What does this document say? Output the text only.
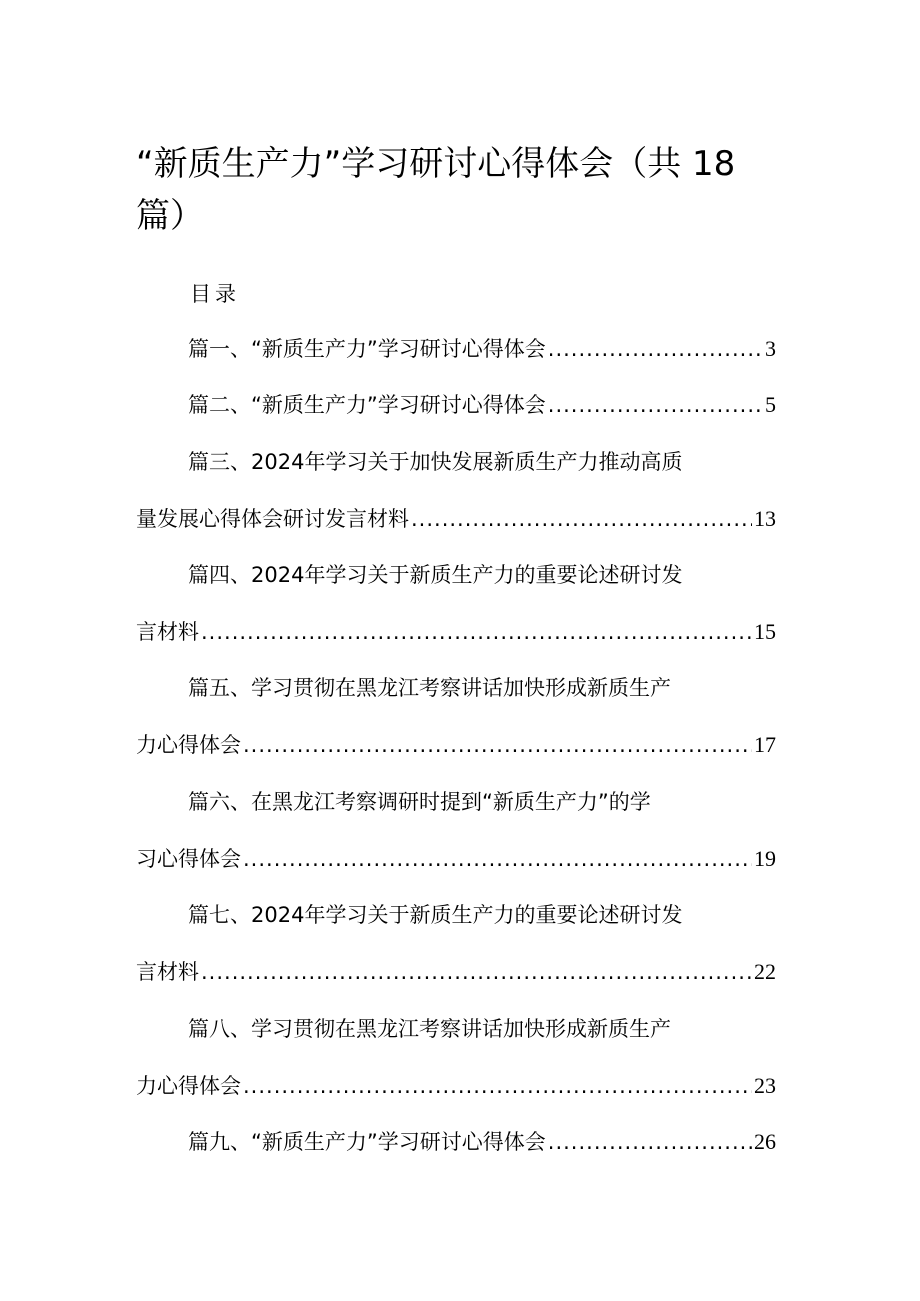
“新质生产力”学习研讨心得体会（共 18
篇）
目录
篇一、“新质生产力”学习研讨心得体会 .....	3
篇二、“新质生产力”学习研讨心得体会 .....	5
篇三、2024年学习关于加快发展新质生产力推动高质
量发展心得体会研讨发言材料 .....	13
篇四、2024年学习关于新质生产力的重要论述研讨发
言材料 .....	15
篇五、学习贯彻在黑龙江考察讲话加快形成新质生产
力心得体会 .....	17
篇六、在黑龙江考察调研时提到“新质生产力”的学
习心得体会 .....	19
篇七、2024年学习关于新质生产力的重要论述研讨发
言材料 .....	22
篇八、学习贯彻在黑龙江考察讲话加快形成新质生产
力心得体会 .....	23
篇九、“新质生产力”学习研讨心得体会 .....	26
